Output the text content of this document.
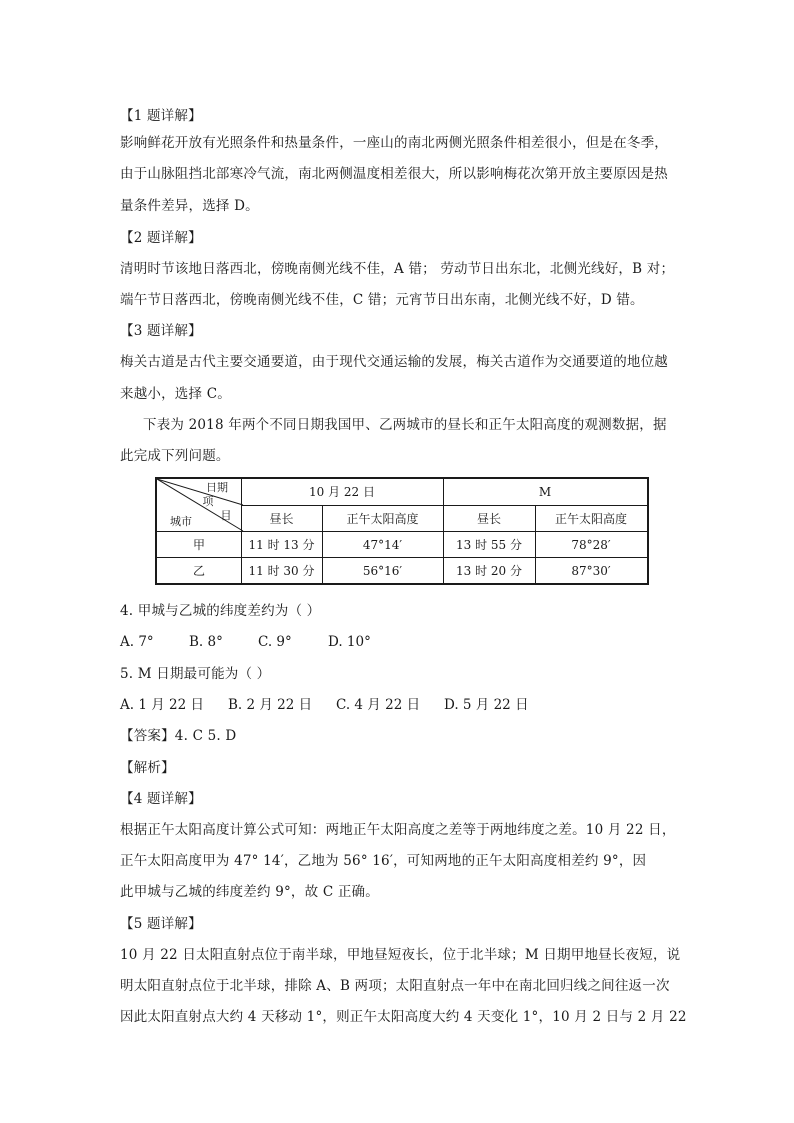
【1 题详解】
影响鲜花开放有光照条件和热量条件，一座山的南北两侧光照条件相差很小，但是在冬季，
由于山脉阻挡北部寒冷气流，南北两侧温度相差很大，所以影响梅花次第开放主要原因是热
量条件差异，选择 D。
【2 题详解】
清明时节该地日落西北，傍晚南侧光线不佳，A 错； 劳动节日出东北，北侧光线好，B 对；
端午节日落西北，傍晚南侧光线不佳，C 错；元宵节日出东南，北侧光线不好，D 错。
【3 题详解】
梅关古道是古代主要交通要道，由于现代交通运输的发展，梅关古道作为交通要道的地位越
来越小，选择 C。
下表为 2018 年两个不同日期我国甲、乙两城市的昼长和正午太阳高度的观测数据，据
此完成下列问题。
日期
项
目
城市
10 月 22 日	M
昼长	正午太阳高度	昼长	正午太阳高度
甲	11 时 13 分	47°14′	13 时 55 分	78°28′
乙	11 时 30 分	56°16′	13 时 20 分	87°30′
4. 甲城与乙城的纬度差约为（ ）
A. 7°	B. 8°	C. 9°	D. 10°
5. M 日期最可能为（ ）
A. 1 月 22 日 B. 2 月 22 日 C. 4 月 22 日 D. 5 月 22 日
【答案】4. C 5. D
【解析】
【4 题详解】
根据正午太阳高度计算公式可知：两地正午太阳高度之差等于两地纬度之差。10 月 22 日，
正午太阳高度甲为 47° 14′，乙地为 56° 16′，可知两地的正午太阳高度相差约 9°，因
此甲城与乙城的纬度差约 9°，故 C 正确。
【5 题详解】
10 月 22 日太阳直射点位于南半球，甲地昼短夜长，位于北半球；M 日期甲地昼长夜短，说
明太阳直射点位于北半球，排除 A、B 两项；太阳直射点一年中在南北回归线之间往返一次
因此太阳直射点大约 4 天移动 1°，则正午太阳高度大约 4 天变化 1°，10 月 2 日与 2 月 22
